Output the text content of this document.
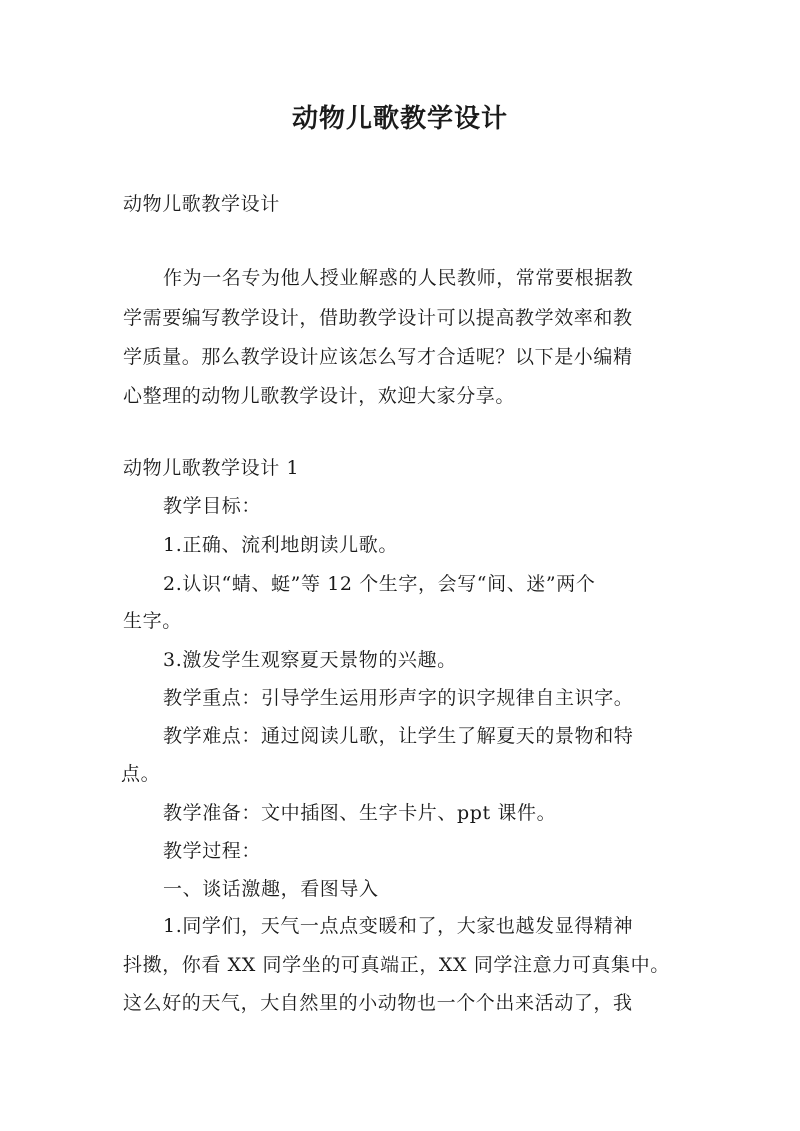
动物儿歌教学设计
动物儿歌教学设计
作为一名专为他人授业解惑的人民教师，常常要根据教
学需要编写教学设计，借助教学设计可以提高教学效率和教
学质量。那么教学设计应该怎么写才合适呢？以下是小编精
心整理的动物儿歌教学设计，欢迎大家分享。
动物儿歌教学设计 1
教学目标：
1.正确、流利地朗读儿歌。
2.认识“蜻、蜓”等 12 个生字，会写“间、迷”两个
生字。
3.激发学生观察夏天景物的兴趣。
教学重点：引导学生运用形声字的识字规律自主识字。
教学难点：通过阅读儿歌，让学生了解夏天的景物和特
点。
教学准备：文中插图、生字卡片、ppt 课件。
教学过程：
一、谈话激趣，看图导入
1.同学们，天气一点点变暖和了，大家也越发显得精神
抖擞，你看 XX 同学坐的可真端正，XX 同学注意力可真集中。
这么好的天气，大自然里的小动物也一个个出来活动了，我
